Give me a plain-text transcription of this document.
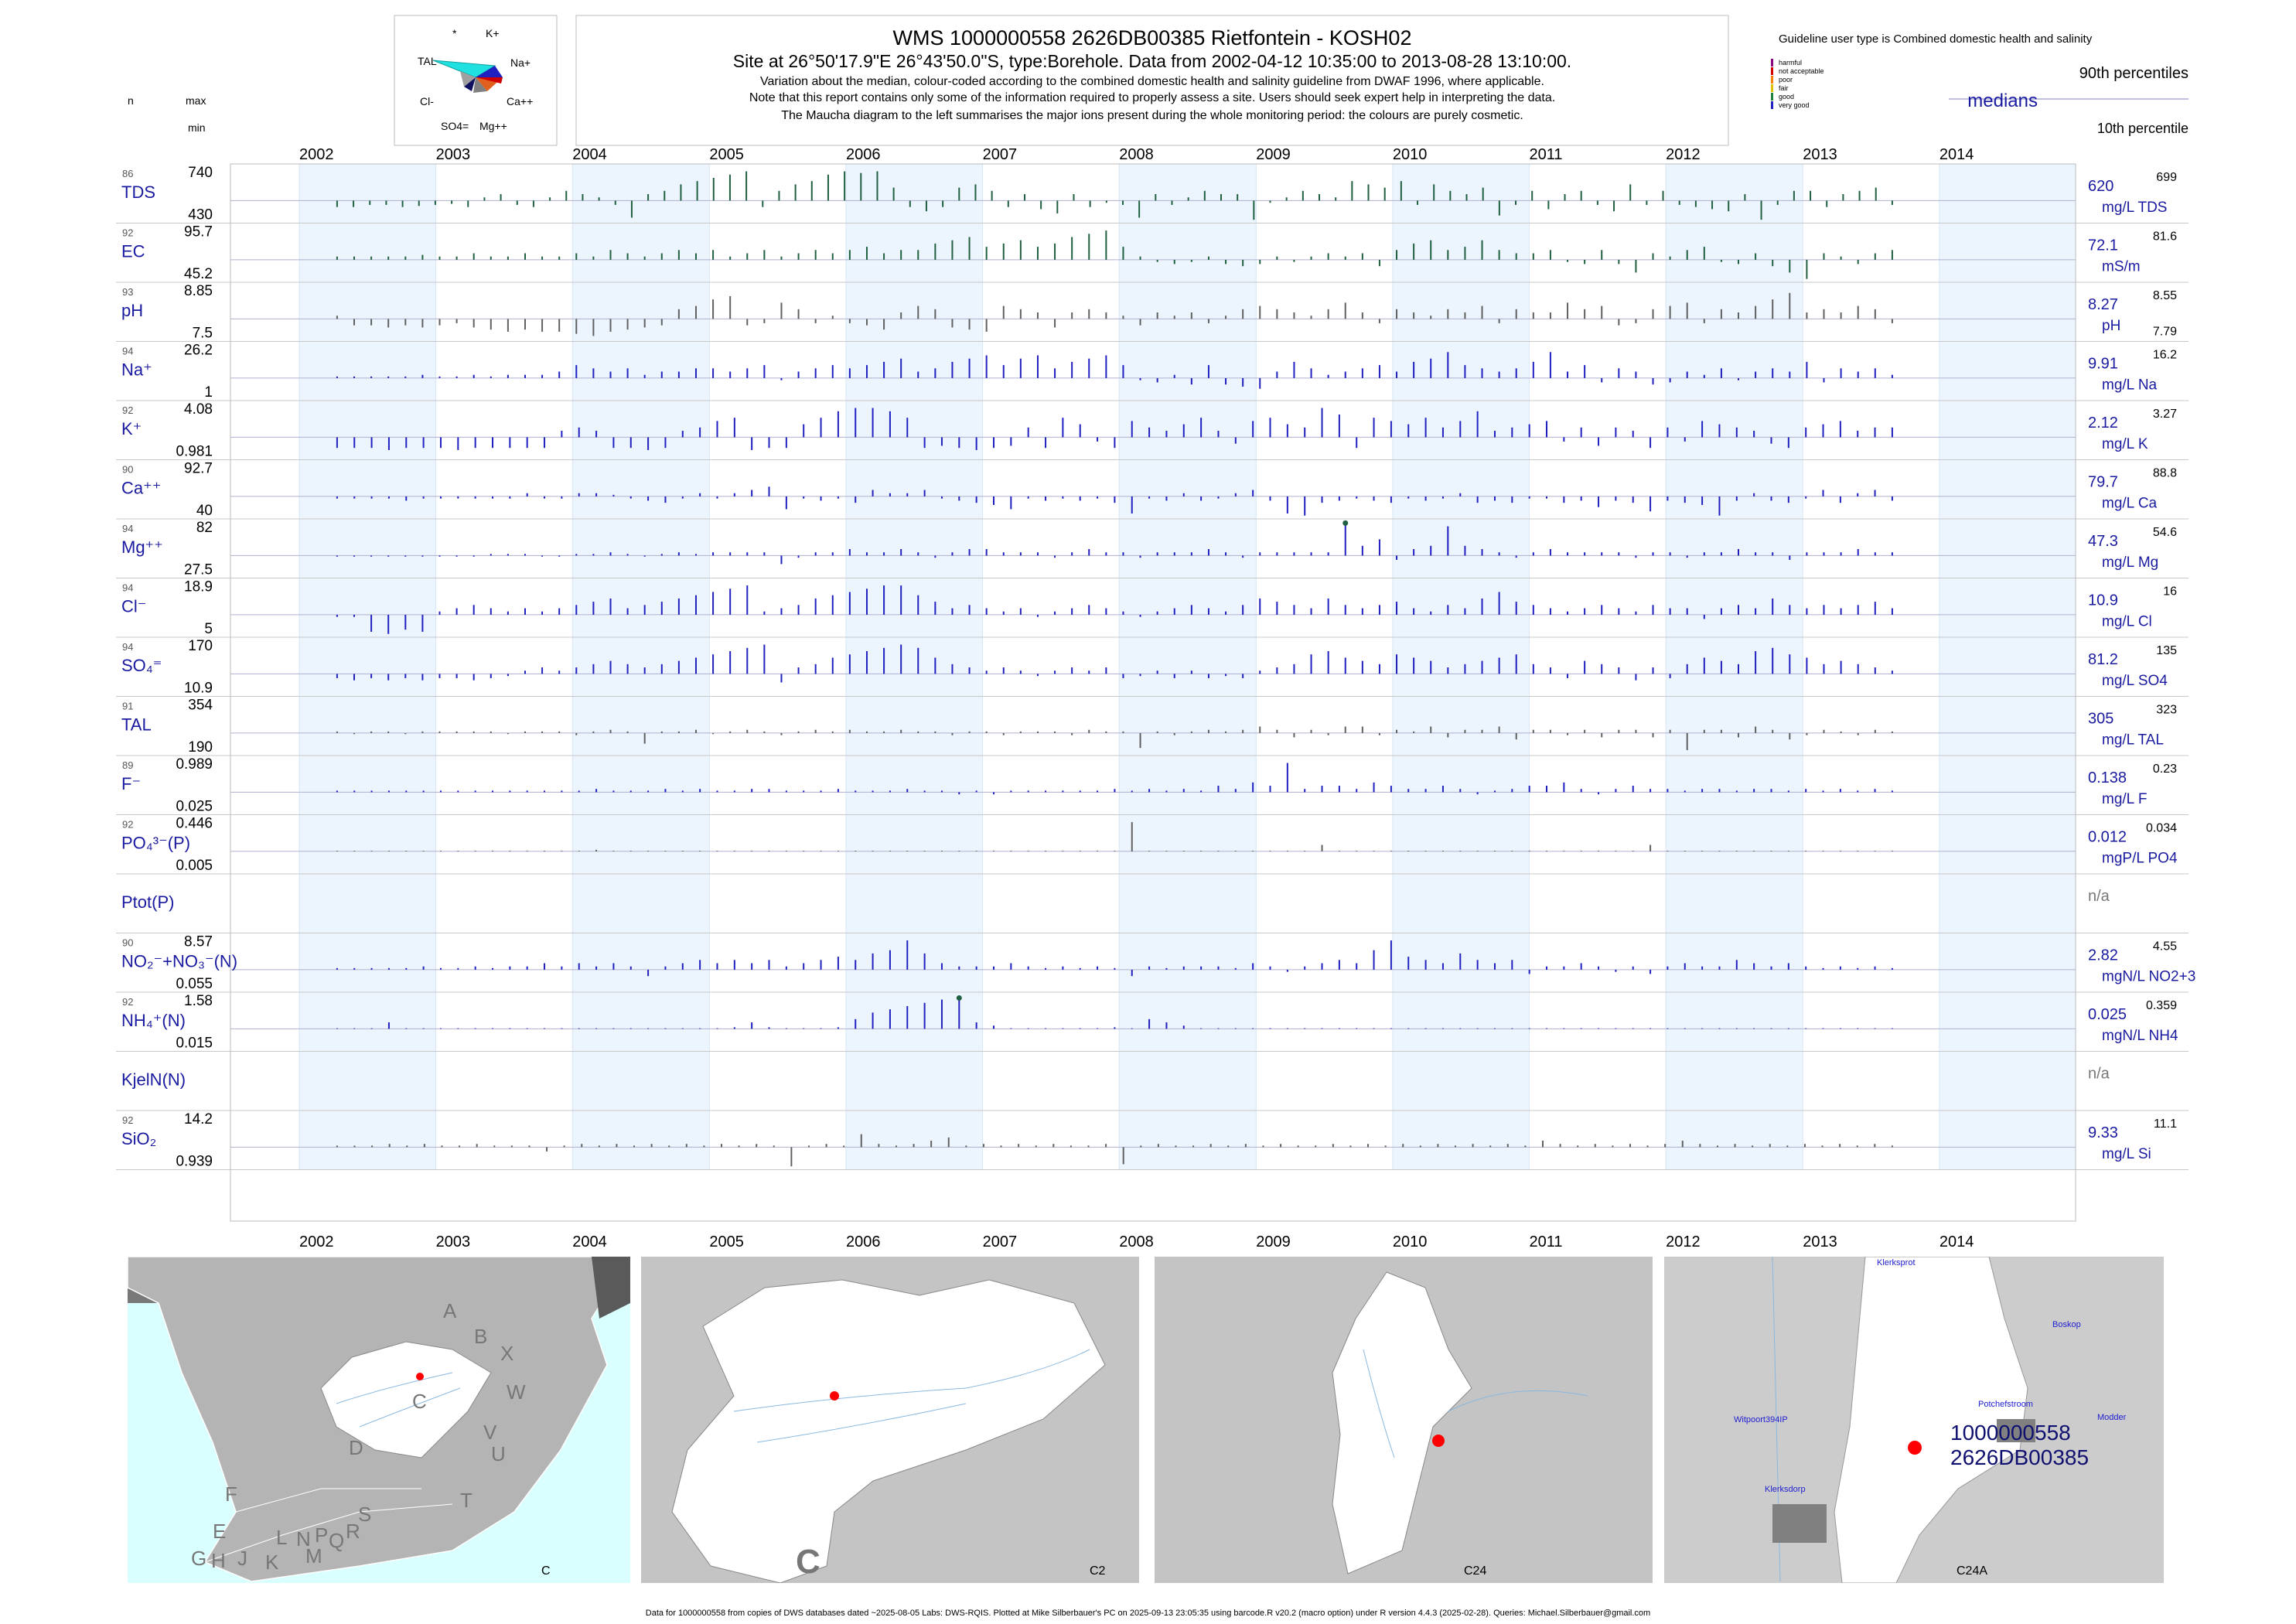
n	max
min
*	K+
TAL	Na+
Cl-	Ca++
SO4= Mg++
WMS 1000000558 2626DB00385 Rietfontein - KOSH02
Site at 26°50'17.9"E 26°43'50.0"S, type:Borehole. Data from 2002-04-12 10:35:00 to 2013-08-28 13:10:00.
Variation about the median, colour-coded according to the combined domestic health and salinity guideline from DWAF 1996, where applicable.
Note that this report contains only some of the information required to properly assess a site. Users should seek expert help in interpreting the data.
The Maucha diagram to the left summarises the major ions present during the whole monitoring period: the colours are purely cosmetic.
Guideline user type is Combined domestic health and salinity
harmful
not acceptable
poor
fair
good
very good
90th percentiles
medians
10th percentile
2002	2003	2004	2005	2006	2007	2008	2009	2010	2011	2012	2013	2014
2002	2003	2004	2005	2006	2007	2008	2009	2010	2011	2012	2013	2014
86	740
430
TDS	620
mg/L TDS
699
92	95.7
45.2
EC	72.1
mS/m
81.6
93	8.85
7.5
pH	8.27
pH
8.55
7.79
94	26.2
1
Na⁺	9.91
mg/L Na
16.2
92	4.08
0.981
K⁺	2.12
mg/L K
3.27
90	92.7
40
Ca⁺⁺	79.7
mg/L Ca
88.8
94	82
27.5
Mg⁺⁺	47.3
mg/L Mg
54.6
94	18.9
5
Cl⁻	10.9
mg/L Cl
16
94	170
10.9
SO₄⁼	81.2
mg/L SO4
135
91	354
190
TAL	305
mg/L TAL
323
89	0.989
0.025
F⁻	0.138
mg/L F
0.23
92	0.446
0.005
PO₄³⁻(P)	0.012
mgP/L PO4
0.034
Ptot(P)	n/a
90	8.57
0.055
NO₂⁻+NO₃⁻(N)	2.82
mgN/L NO2+3
4.55
92	1.58
0.015
NH₄⁺(N)	0.025
mgN/L NH4
0.359
KjelN(N)	n/a
92	14.2
0.939
SiO₂	9.33
mg/L Si
11.1
A
B
X
W
V
U
T
C
D
F
E
G H J K
L
M
N P Q R
S
C	C	C2	C24
1000000558
2626DB00385
Klerksprot
Boskop
Potchefstroom
Modder
Witpoort394IP
Klerksdorp
C24A
Data for 1000000558 from copies of DWS databases dated ~2025-08-05 Labs: DWS-RQIS. Plotted at Mike Silberbauer's PC on 2025-09-13 23:05:35 using barcode.R v20.2 (macro option) under R version 4.4.3 (2025-02-28). Queries: Michael.Silberbauer@gmail.com
